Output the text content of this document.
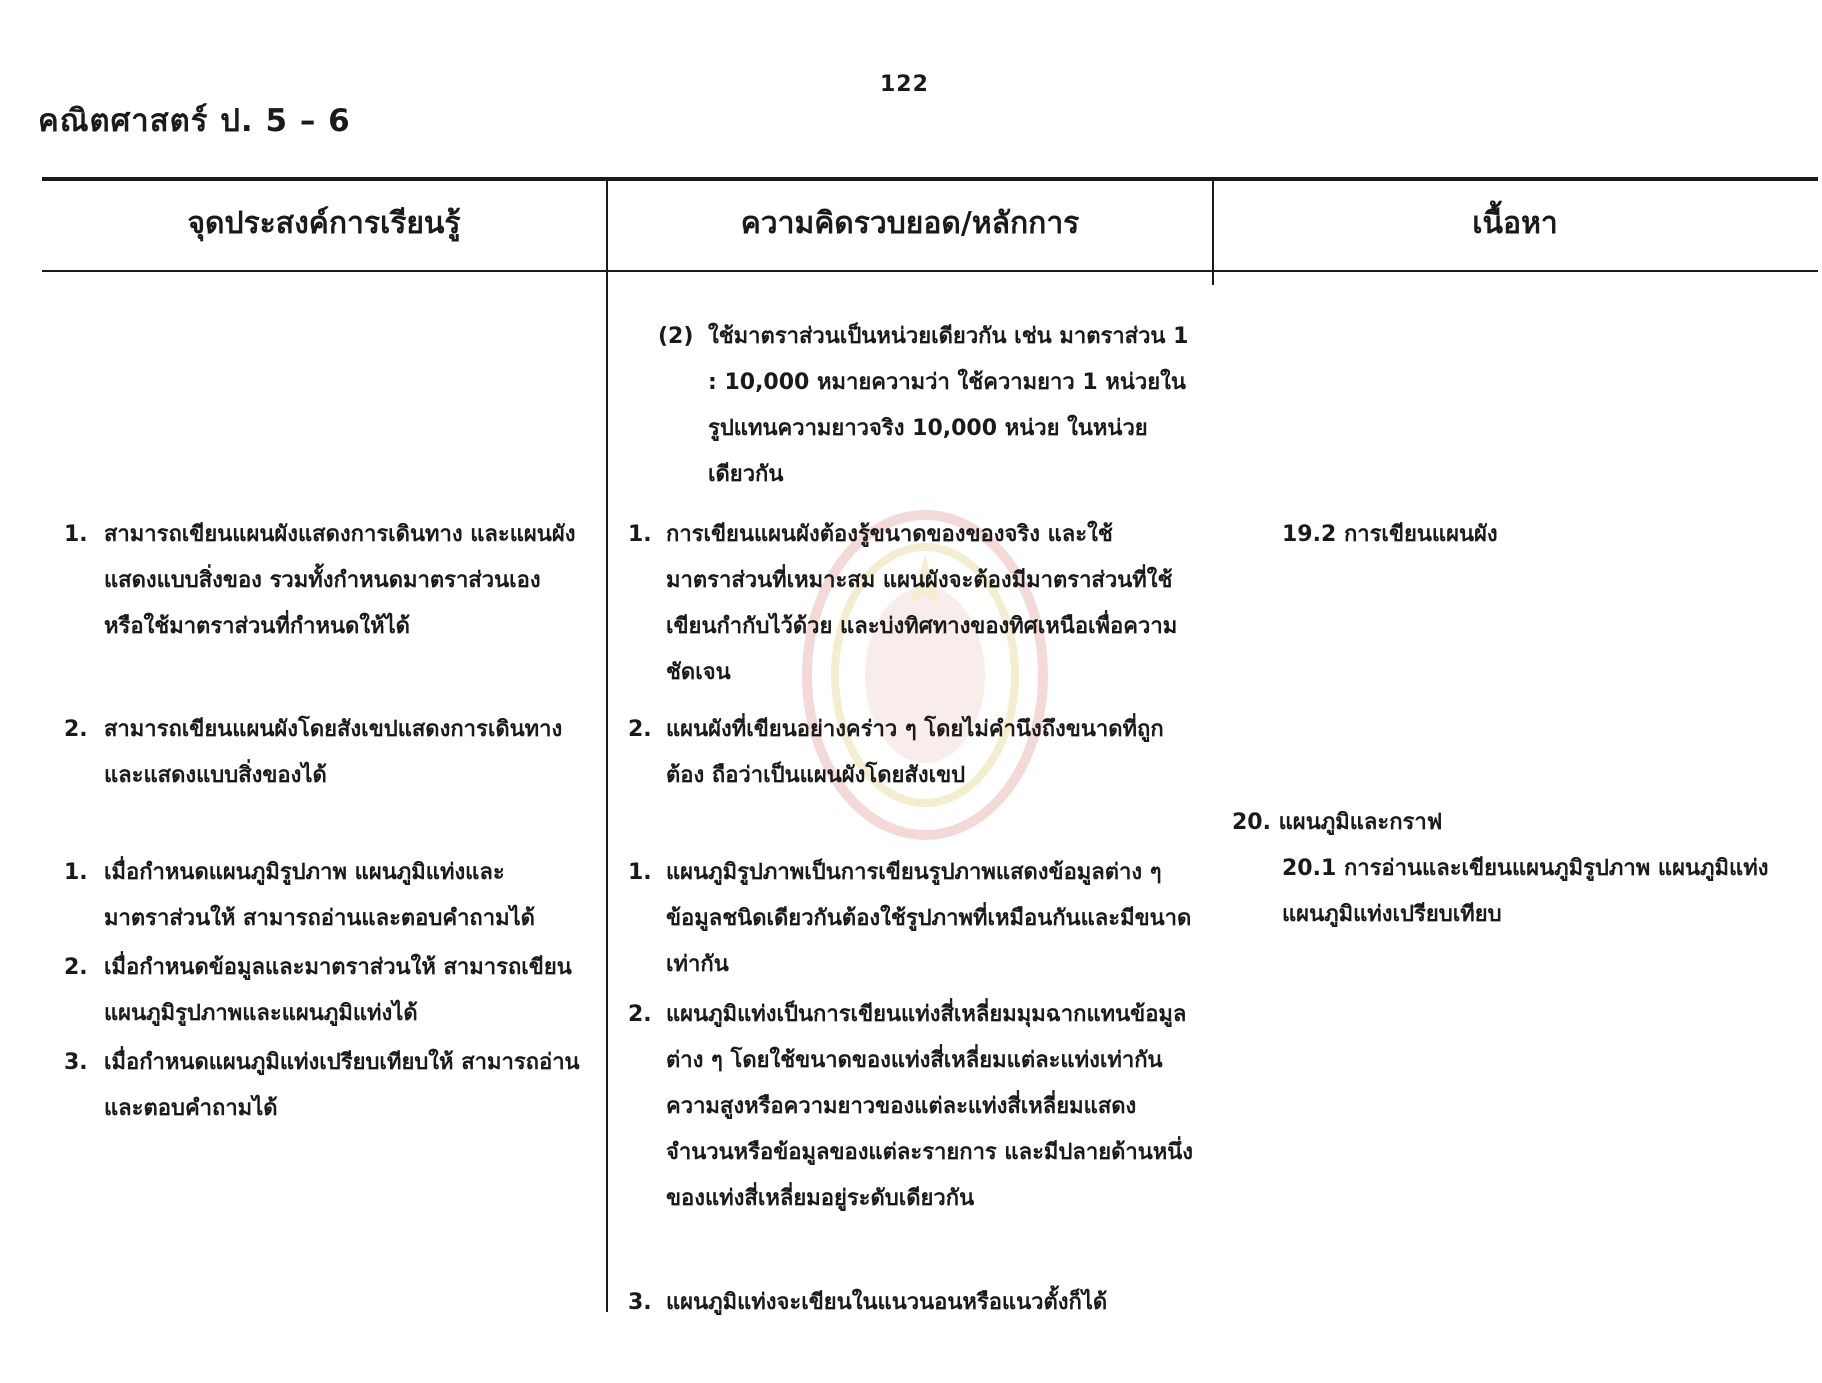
122
คณิตศาสตร์ ป. 5 – 6
จุดประสงค์การเรียนรู้	ความคิดรวบยอด/หลักการ	เนื้อหา
(2) ใช้มาตราส่วนเป็นหน่วยเดียวกัน เช่น มาตราส่วน 1 : 10,000 หมายความว่า ใช้ความยาว 1 หน่วยในรูปแทนความยาวจริง 10,000 หน่วย ในหน่วยเดียวกัน
1. สามารถเขียนแผนผังแสดงการเดินทาง และแผนผังแสดงแบบสิ่งของ รวมทั้งกำหนดมาตราส่วนเอง หรือใช้มาตราส่วนที่กำหนดให้ได้
2. สามารถเขียนแผนผังโดยสังเขปแสดงการเดินทางและแสดงแบบสิ่งของได้
1. การเขียนแผนผังต้องรู้ขนาดของของจริง และใช้มาตราส่วนที่เหมาะสม แผนผังจะต้องมีมาตราส่วนที่ใช้เขียนกำกับไว้ด้วย และบ่งทิศทางของทิศเหนือเพื่อความชัดเจน
2. แผนผังที่เขียนอย่างคร่าว ๆ โดยไม่คำนึงถึงขนาดที่ถูกต้อง ถือว่าเป็นแผนผังโดยสังเขป
19.2 การเขียนแผนผัง
1. เมื่อกำหนดแผนภูมิรูปภาพ แผนภูมิแท่งและมาตราส่วนให้ สามารถอ่านและตอบคำถามได้
2. เมื่อกำหนดข้อมูลและมาตราส่วนให้ สามารถเขียนแผนภูมิรูปภาพและแผนภูมิแท่งได้
3. เมื่อกำหนดแผนภูมิแท่งเปรียบเทียบให้ สามารถอ่านและตอบคำถามได้
1. แผนภูมิรูปภาพเป็นการเขียนรูปภาพแสดงข้อมูลต่าง ๆ ข้อมูลชนิดเดียวกันต้องใช้รูปภาพที่เหมือนกันและมีขนาดเท่ากัน
2. แผนภูมิแท่งเป็นการเขียนแท่งสี่เหลี่ยมมุมฉากแทนข้อมูลต่าง ๆ โดยใช้ขนาดของแท่งสี่เหลี่ยมแต่ละแท่งเท่ากัน ความสูงหรือความยาวของแต่ละแท่งสี่เหลี่ยมแสดงจำนวนหรือข้อมูลของแต่ละรายการ และมีปลายด้านหนึ่งของแท่งสี่เหลี่ยมอยู่ระดับเดียวกัน
3. แผนภูมิแท่งจะเขียนในแนวนอนหรือแนวตั้งก็ได้
20. แผนภูมิและกราฟ
20.1 การอ่านและเขียนแผนภูมิรูปภาพ แผนภูมิแท่ง แผนภูมิแท่งเปรียบเทียบ
